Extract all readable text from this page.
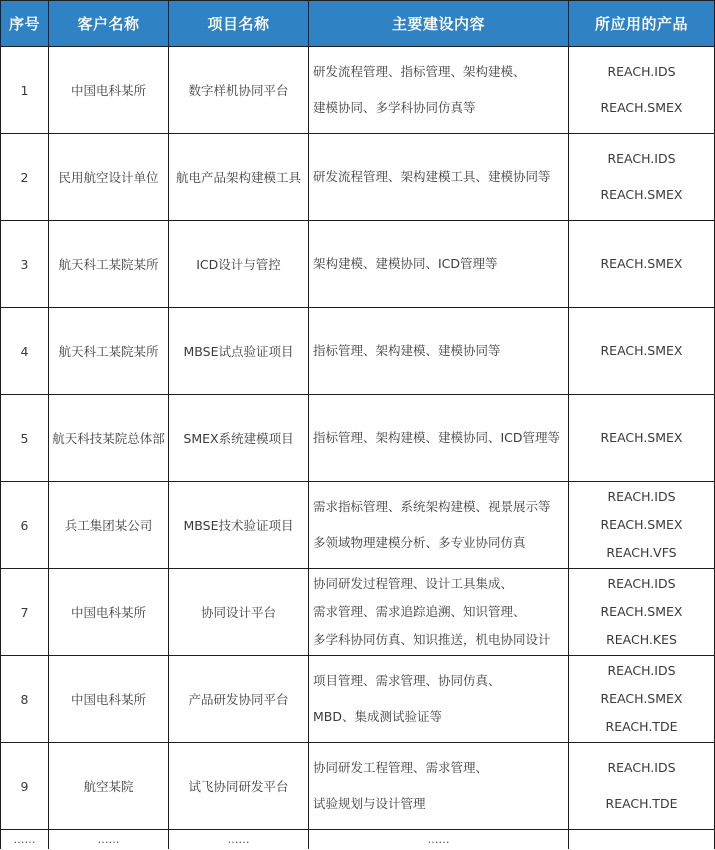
序号	客户名称	项目名称	主要建设内容	所应用的产品
1	中国电科某所	数字样机协同平台	研发流程管理、指标管理、架构建模、
建模协同、多学科协同仿真等	REACH.IDS
REACH.SMEX

2	民用航空设计单位	航电产品架构建模工具	研发流程管理、架构建模工具、建模协同等	REACH.IDS
REACH.SMEX

3	航天科工某院某所	ICD设计与管控	架构建模、建模协同、ICD管理等	REACH.SMEX

4	航天科工某院某所	MBSE试点验证项目	指标管理、架构建模、建模协同等	REACH.SMEX

5	航天科技某院总体部	SMEX系统建模项目	指标管理、架构建模、建模协同、ICD管理等	REACH.SMEX

6	兵工集团某公司	MBSE技术验证项目	需求指标管理、系统架构建模、视景展示等
多领域物理建模分析、多专业协同仿真	REACH.IDS
REACH.SMEX
REACH.VFS

7	中国电科某所	协同设计平台	协同研发过程管理、设计工具集成、
需求管理、需求追踪追溯、知识管理、
多学科协同仿真、知识推送，机电协同设计	REACH.IDS
REACH.SMEX
REACH.KES

8	中国电科某所	产品研发协同平台	项目管理、需求管理、协同仿真、
MBD、集成测试验证等	REACH.IDS
REACH.SMEX
REACH.TDE

9	航空某院	试飞协同研发平台	协同研发工程管理、需求管理、
试验规划与设计管理	REACH.IDS
REACH.TDE

……	……	……	……	
